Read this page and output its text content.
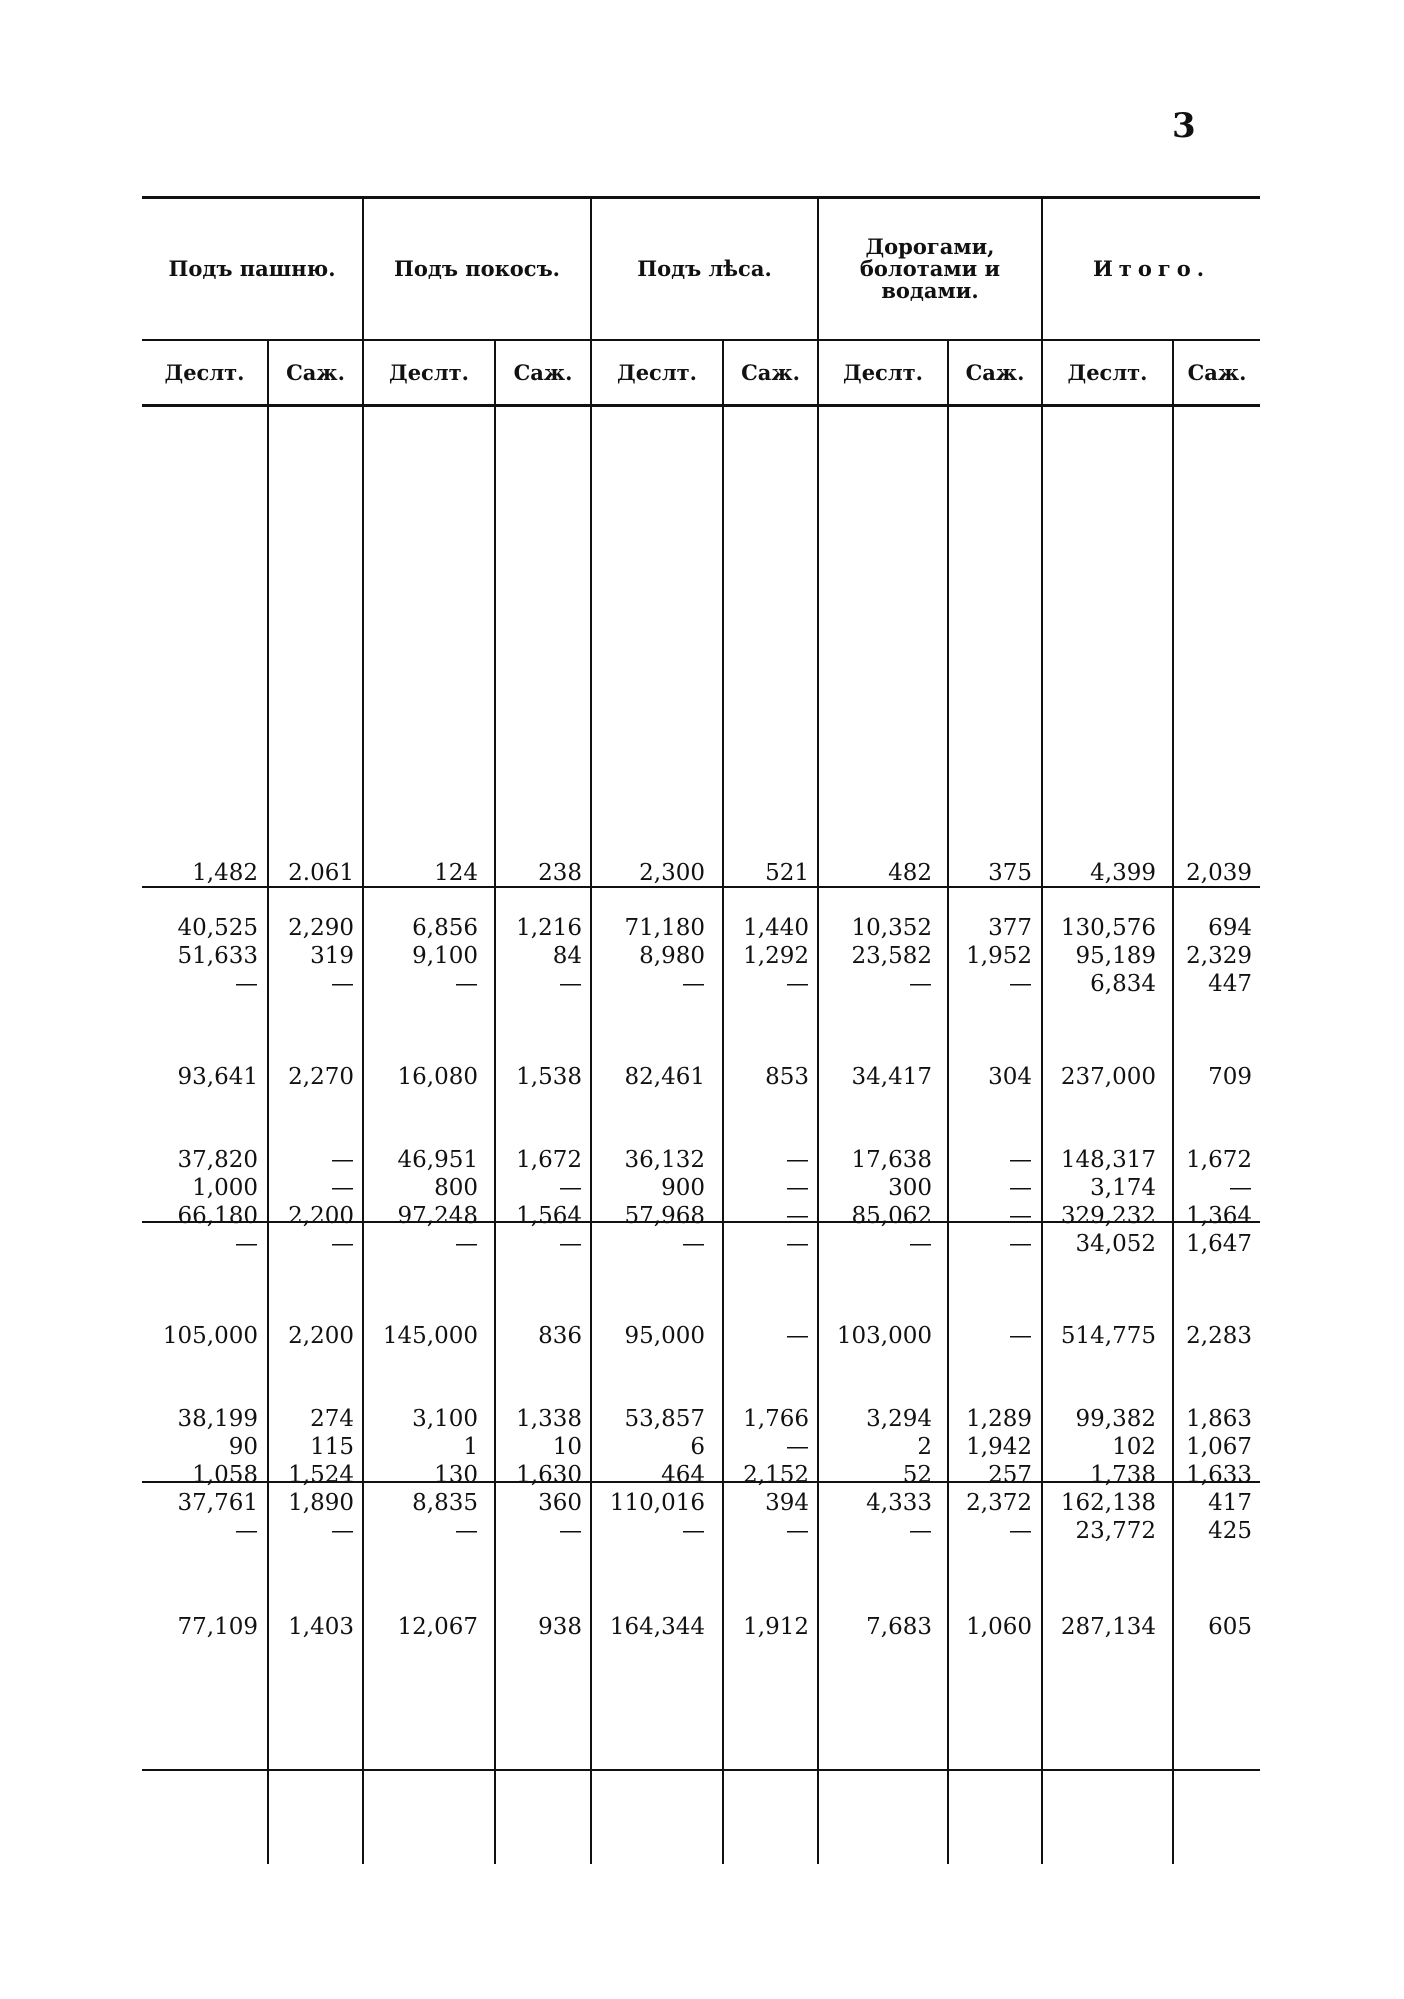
3
Подъ пашню.	Подъ покосъ.	Подъ лѣса.
Дорогами, болотами и водами.
Итого.
Деслт.	Саж.	Деслт.	Саж.	Деслт.	Саж.	Деслт.	Саж.	Деслт.	Саж.
1,482	2.061	124	238	2,300	521	482	375	4,399	2,039
40,525	2,290	6,856	1,216	71,180	1,440	10,352	377	130,576	694
51,633	319	9,100	84	8,980	1,292	23,582	1,952	95,189	2,329
—	—	—	—	—	—	—	—	6,834	447
93,641	2,270	16,080	1,538	82,461	853	34,417	304	237,000	709
37,820	—	46,951	1,672	36,132	—	17,638	—	148,317	1,672
1,000	—	800	—	900	—	300	—	3,174	—
66,180	2,200	97,248	1,564	57,968	—	85,062	—	329,232	1,364
—	—	—	—	—	—	—	—	34,052	1,647
105,000	2,200	145,000	836	95,000	—	103,000	—	514,775	2,283
38,199	274	3,100	1,338	53,857	1,766	3,294	1,289	99,382	1,863
90	115	1	10	6	—	2	1,942	102	1,067
1,058	1,524	130	1,630	464	2,152	52	257	1,738	1,633
37,761	1,890	8,835	360	110,016	394	4,333	2,372	162,138	417
—	—	—	—	—	—	—	—	23,772	425
77,109	1,403	12,067	938	164,344	1,912	7,683	1,060	287,134	605
